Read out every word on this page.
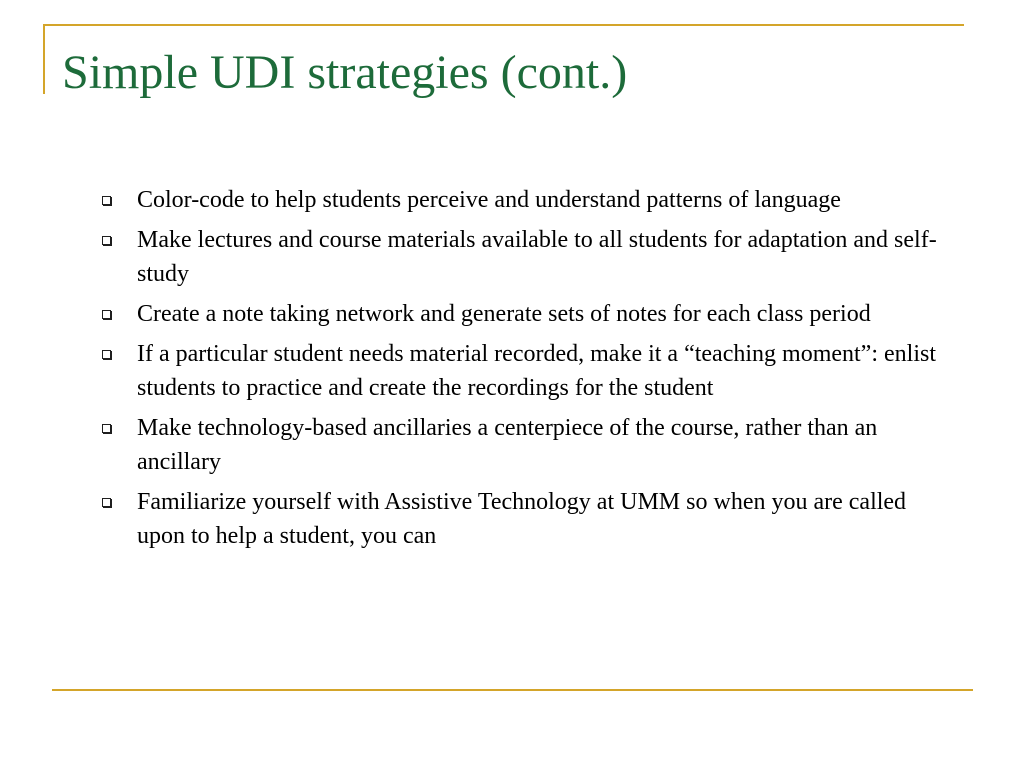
Simple UDI strategies (cont.)
Color-code to help students perceive and understand patterns of language
Make lectures and course materials available to all students for adaptation and self-study
Create a note taking network and generate sets of notes for each class period
If a particular student needs material recorded, make it a “teaching moment”: enlist students to practice and create the recordings for the student
Make technology-based ancillaries a centerpiece of the course, rather than an ancillary
Familiarize yourself with Assistive Technology at UMM so when you are called upon to help a student, you can
